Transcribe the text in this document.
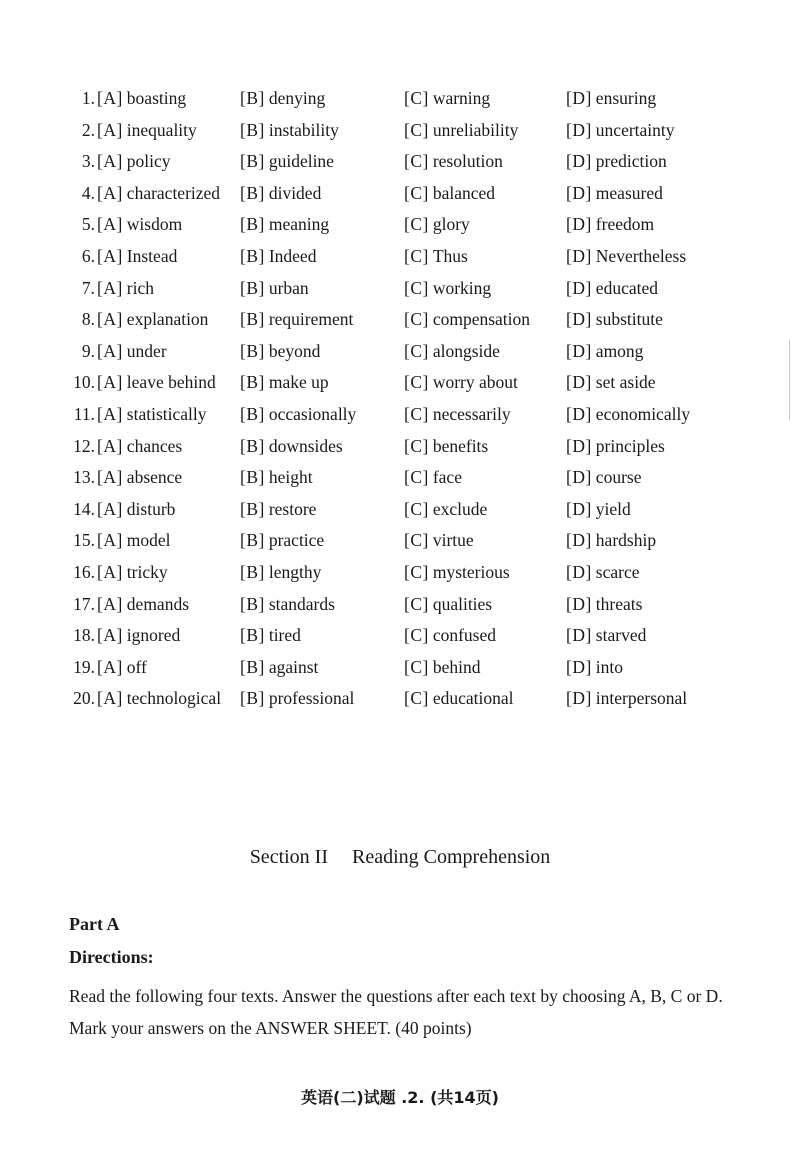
1. [A] boasting	[B] denying	[C] warning	[D] ensuring
2. [A] inequality [B] instability	[C] unreliability	[D] uncertainty
3. [A] policy	[B] guideline	[C] resolution	[D] prediction
4. [A] characterized [B] divided	[C] balanced	[D] measured
5. [A] wisdom	[B] meaning	[C] glory	[D] freedom
6. [A] Instead	[B] Indeed	[C] Thus	[D] Nevertheless
7. [A] rich	[B] urban	[C] working	[D] educated
8. [A] explanation [B] requirement	[C] compensation [D] substitute
9. [A] under	[B] beyond	[C] alongside	[D] among
10. [A] leave behind [B] make up	[C] worry about	[D] set aside
11. [A] statistically [B] occasionally	[C] necessarily	[D] economically
12. [A] chances	[B] downsides	[C] benefits	[D] principles
13. [A] absence	[B] height	[C] face	[D] course
14. [A] disturb	[B] restore	[C] exclude	[D] yield
15. [A] model	[B] practice	[C] virtue	[D] hardship
16. [A] tricky	[B] lengthy	[C] mysterious	[D] scarce
17. [A] demands	[B] standards	[C] qualities	[D] threats
18. [A] ignored	[B] tired	[C] confused	[D] starved
19. [A] off	[B] against	[C] behind	[D] into
20. [A] technological [B] professional	[C] educational	[D] interpersonal
Section II Reading Comprehension
Part A
Directions:
Read the following four texts. Answer the questions after each text by choosing A, B, C or D. Mark your answers on the ANSWER SHEET. (40 points)
英语(二)试题 .2. (共14页)
